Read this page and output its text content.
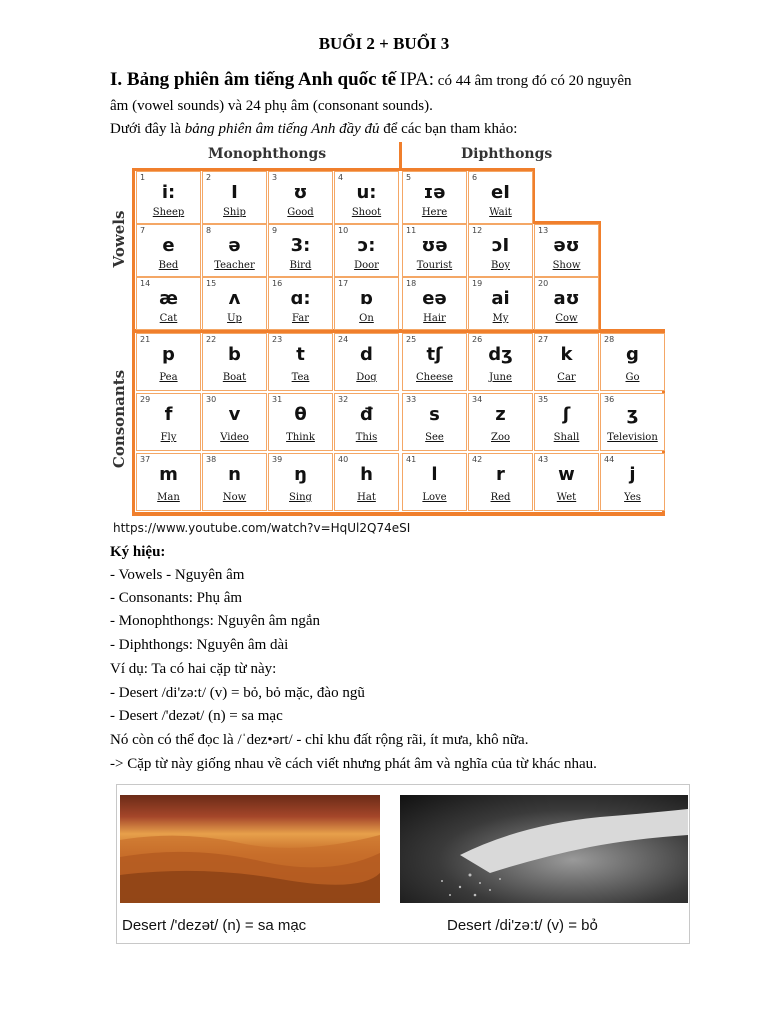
BUỔI 2 + BUỔI 3
I. Bảng phiên âm tiếng Anh quốc tế IPA: có 44 âm trong đó có 20 nguyên
âm (vowel sounds) và 24 phụ âm (consonant sounds).
Dưới đây là bảng phiên âm tiếng Anh đầy đủ để các bạn tham khảo:
Monophthongs	Diphthongs
Vowels
Consonants
1
i:
Sheep
2
I
Ship
3
ʊ
Good
4
u:
Shoot
5
ɪə
Here
6
eI
Wait
7
e
Bed
8
ə
Teacher
9
3:
Bird
10
ɔ:
Door
11
ʊə
Tourist
12
ɔI
Boy
13
əʊ
Show
14
æ
Cat
15
ʌ
Up
16
ɑ:
Far
17
ɒ
On
18
eə
Hair
19
ai
My
20
aʊ
Cow
21
p
Pea
22
b
Boat
23
t
Tea
24
d
Dog
25
tʃ
Cheese
26
dʒ
June
27
k
Car
28
g
Go
29
f
Fly
30
v
Video
31
θ
Think
32
đ
This
33
s
See
34
z
Zoo
35
ʃ
Shall
36
ʒ
Television
37
m
Man
38
n
Now
39
ŋ
Sing
40
h
Hat
41
l
Love
42
r
Red
43
w
Wet
44
j
Yes
https://www.youtube.com/watch?v=HqUl2Q74eSI
Ký hiệu:
- Vowels - Nguyên âm
- Consonants: Phụ âm
- Monophthongs: Nguyên âm ngắn
- Diphthongs: Nguyên âm dài
Ví dụ: Ta có hai cặp từ này:
- Desert /di'zə:t/ (v) = bỏ, bỏ mặc, đào ngũ
- Desert /'dezət/ (n) = sa mạc
Nó còn có thể đọc là /ˈdez•ərt/ - chỉ khu đất rộng rãi, ít mưa, khô nữa.
-> Cặp từ này giống nhau về cách viết nhưng phát âm và nghĩa của từ khác nhau.
Desert /'dezət/ (n) = sa mạc	Desert /di'zə:t/ (v) = bỏ
